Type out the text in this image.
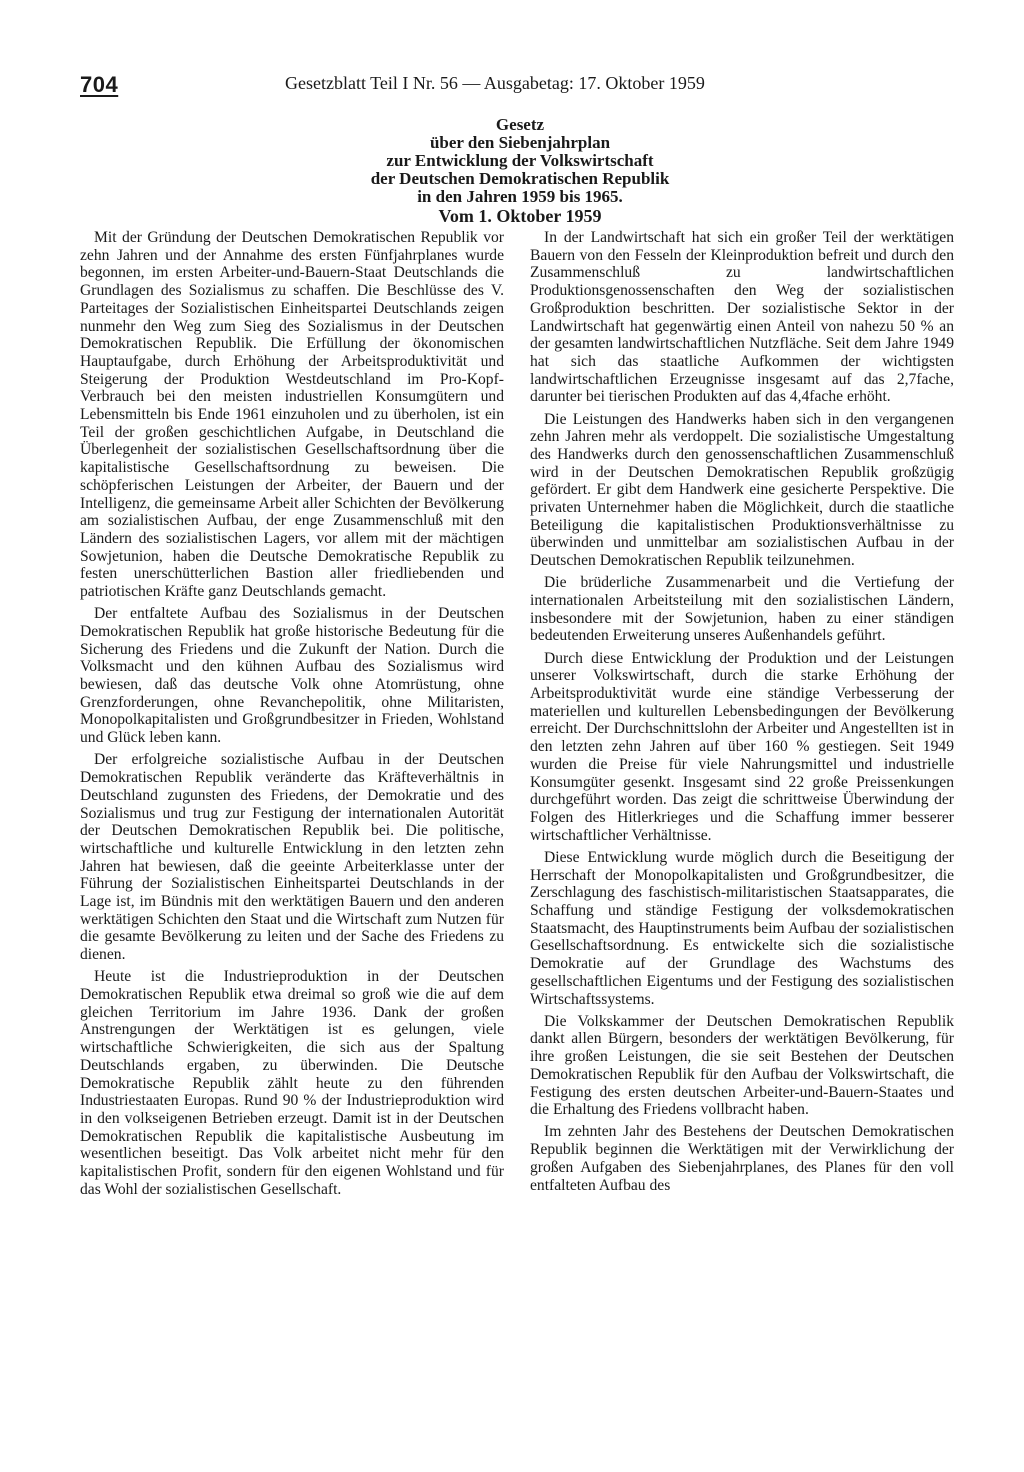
704	Gesetzblatt Teil I Nr. 56 — Ausgabetag: 17. Oktober 1959
Gesetz
über den Siebenjahrplan
zur Entwicklung der Volkswirtschaft
der Deutschen Demokratischen Republik
in den Jahren 1959 bis 1965.
Vom 1. Oktober 1959

Mit der Gründung der Deutschen Demokratischen Republik vor zehn Jahren und der Annahme des ersten Fünfjahrplanes wurde begonnen, im ersten Arbeiter-und-Bauern-Staat Deutschlands die Grundlagen des Sozialismus zu schaffen. Die Beschlüsse des V. Parteitages der Sozialistischen Einheitspartei Deutschlands zeigen nunmehr den Weg zum Sieg des Sozialismus in der Deutschen Demokratischen Republik. Die Erfüllung der ökonomischen Hauptaufgabe, durch Erhöhung der Arbeitsproduktivität und Steigerung der Produktion Westdeutschland im Pro-Kopf-Verbrauch bei den meisten industriellen Konsumgütern und Lebensmitteln bis Ende 1961 einzuholen und zu überholen, ist ein Teil der großen geschichtlichen Aufgabe, in Deutschland die Überlegenheit der sozialistischen Gesellschaftsordnung über die kapitalistische Gesellschaftsordnung zu beweisen. Die schöpferischen Leistungen der Arbeiter, der Bauern und der Intelligenz, die gemeinsame Arbeit aller Schichten der Bevölkerung am sozialistischen Aufbau, der enge Zusammenschluß mit den Ländern des sozialistischen Lagers, vor allem mit der mächtigen Sowjetunion, haben die Deutsche Demokratische Republik zu festen unerschütterlichen Bastion aller friedliebenden und patriotischen Kräfte ganz Deutschlands gemacht.

Der entfaltete Aufbau des Sozialismus in der Deutschen Demokratischen Republik hat große historische Bedeutung für die Sicherung des Friedens und die Zukunft der Nation. Durch die Volksmacht und den kühnen Aufbau des Sozialismus wird bewiesen, daß das deutsche Volk ohne Atomrüstung, ohne Grenzforderungen, ohne Revanchepolitik, ohne Militaristen, Monopolkapitalisten und Großgrundbesitzer in Frieden, Wohlstand und Glück leben kann.

Der erfolgreiche sozialistische Aufbau in der Deutschen Demokratischen Republik veränderte das Kräfteverhältnis in Deutschland zugunsten des Friedens, der Demokratie und des Sozialismus und trug zur Festigung der internationalen Autorität der Deutschen Demokratischen Republik bei. Die politische, wirtschaftliche und kulturelle Entwicklung in den letzten zehn Jahren hat bewiesen, daß die geeinte Arbeiterklasse unter der Führung der Sozialistischen Einheitspartei Deutschlands in der Lage ist, im Bündnis mit den werktätigen Bauern und den anderen werktätigen Schichten den Staat und die Wirtschaft zum Nutzen für die gesamte Bevölkerung zu leiten und der Sache des Friedens zu dienen.

Heute ist die Industrieproduktion in der Deutschen Demokratischen Republik etwa dreimal so groß wie die auf dem gleichen Territorium im Jahre 1936. Dank der großen Anstrengungen der Werktätigen ist es gelungen, viele wirtschaftliche Schwierigkeiten, die sich aus der Spaltung Deutschlands ergaben, zu überwinden. Die Deutsche Demokratische Republik zählt heute zu den führenden Industriestaaten Europas. Rund 90 % der Industrieproduktion wird in den volkseigenen Betrieben erzeugt. Damit ist in der Deutschen Demokratischen Republik die kapitalistische Ausbeutung im wesentlichen beseitigt. Das Volk arbeitet nicht mehr für den kapitalistischen Profit, sondern für den eigenen Wohlstand und für das Wohl der sozialistischen Gesellschaft.

In der Landwirtschaft hat sich ein großer Teil der werktätigen Bauern von den Fesseln der Kleinproduktion befreit und durch den Zusammenschluß zu landwirtschaftlichen Produktionsgenossenschaften den Weg der sozialistischen Großproduktion beschritten. Der sozialistische Sektor in der Landwirtschaft hat gegenwärtig einen Anteil von nahezu 50 % an der gesamten landwirtschaftlichen Nutzfläche. Seit dem Jahre 1949 hat sich das staatliche Aufkommen der wichtigsten landwirtschaftlichen Erzeugnisse insgesamt auf das 2,7fache, darunter bei tierischen Produkten auf das 4,4fache erhöht.

Die Leistungen des Handwerks haben sich in den vergangenen zehn Jahren mehr als verdoppelt. Die sozialistische Umgestaltung des Handwerks durch den genossenschaftlichen Zusammenschluß wird in der Deutschen Demokratischen Republik großzügig gefördert. Er gibt dem Handwerk eine gesicherte Perspektive. Die privaten Unternehmer haben die Möglichkeit, durch die staatliche Beteiligung die kapitalistischen Produktionsverhältnisse zu überwinden und unmittelbar am sozialistischen Aufbau in der Deutschen Demokratischen Republik teilzunehmen.

Die brüderliche Zusammenarbeit und die Vertiefung der internationalen Arbeitsteilung mit den sozialistischen Ländern, insbesondere mit der Sowjetunion, haben zu einer ständigen bedeutenden Erweiterung unseres Außenhandels geführt.

Durch diese Entwicklung der Produktion und der Leistungen unserer Volkswirtschaft, durch die starke Erhöhung der Arbeitsproduktivität wurde eine ständige Verbesserung der materiellen und kulturellen Lebensbedingungen der Bevölkerung erreicht. Der Durchschnittslohn der Arbeiter und Angestellten ist in den letzten zehn Jahren auf über 160 % gestiegen. Seit 1949 wurden die Preise für viele Nahrungsmittel und industrielle Konsumgüter gesenkt. Insgesamt sind 22 große Preissenkungen durchgeführt worden. Das zeigt die schrittweise Überwindung der Folgen des Hitlerkrieges und die Schaffung immer besserer wirtschaftlicher Verhältnisse.

Diese Entwicklung wurde möglich durch die Beseitigung der Herrschaft der Monopolkapitalisten und Großgrundbesitzer, die Zerschlagung des faschistisch-militaristischen Staatsapparates, die Schaffung und ständige Festigung der volksdemokratischen Staatsmacht, des Hauptinstruments beim Aufbau der sozialistischen Gesellschaftsordnung. Es entwickelte sich die sozialistische Demokratie auf der Grundlage des Wachstums des gesellschaftlichen Eigentums und der Festigung des sozialistischen Wirtschaftssystems.

Die Volkskammer der Deutschen Demokratischen Republik dankt allen Bürgern, besonders der werktätigen Bevölkerung, für ihre großen Leistungen, die sie seit Bestehen der Deutschen Demokratischen Republik für den Aufbau der Volkswirtschaft, die Festigung des ersten deutschen Arbeiter-und-Bauern-Staates und die Erhaltung des Friedens vollbracht haben.

Im zehnten Jahr des Bestehens der Deutschen Demokratischen Republik beginnen die Werktätigen mit der Verwirklichung der großen Aufgaben des Siebenjahrplanes, des Planes für den voll entfalteten Aufbau des
